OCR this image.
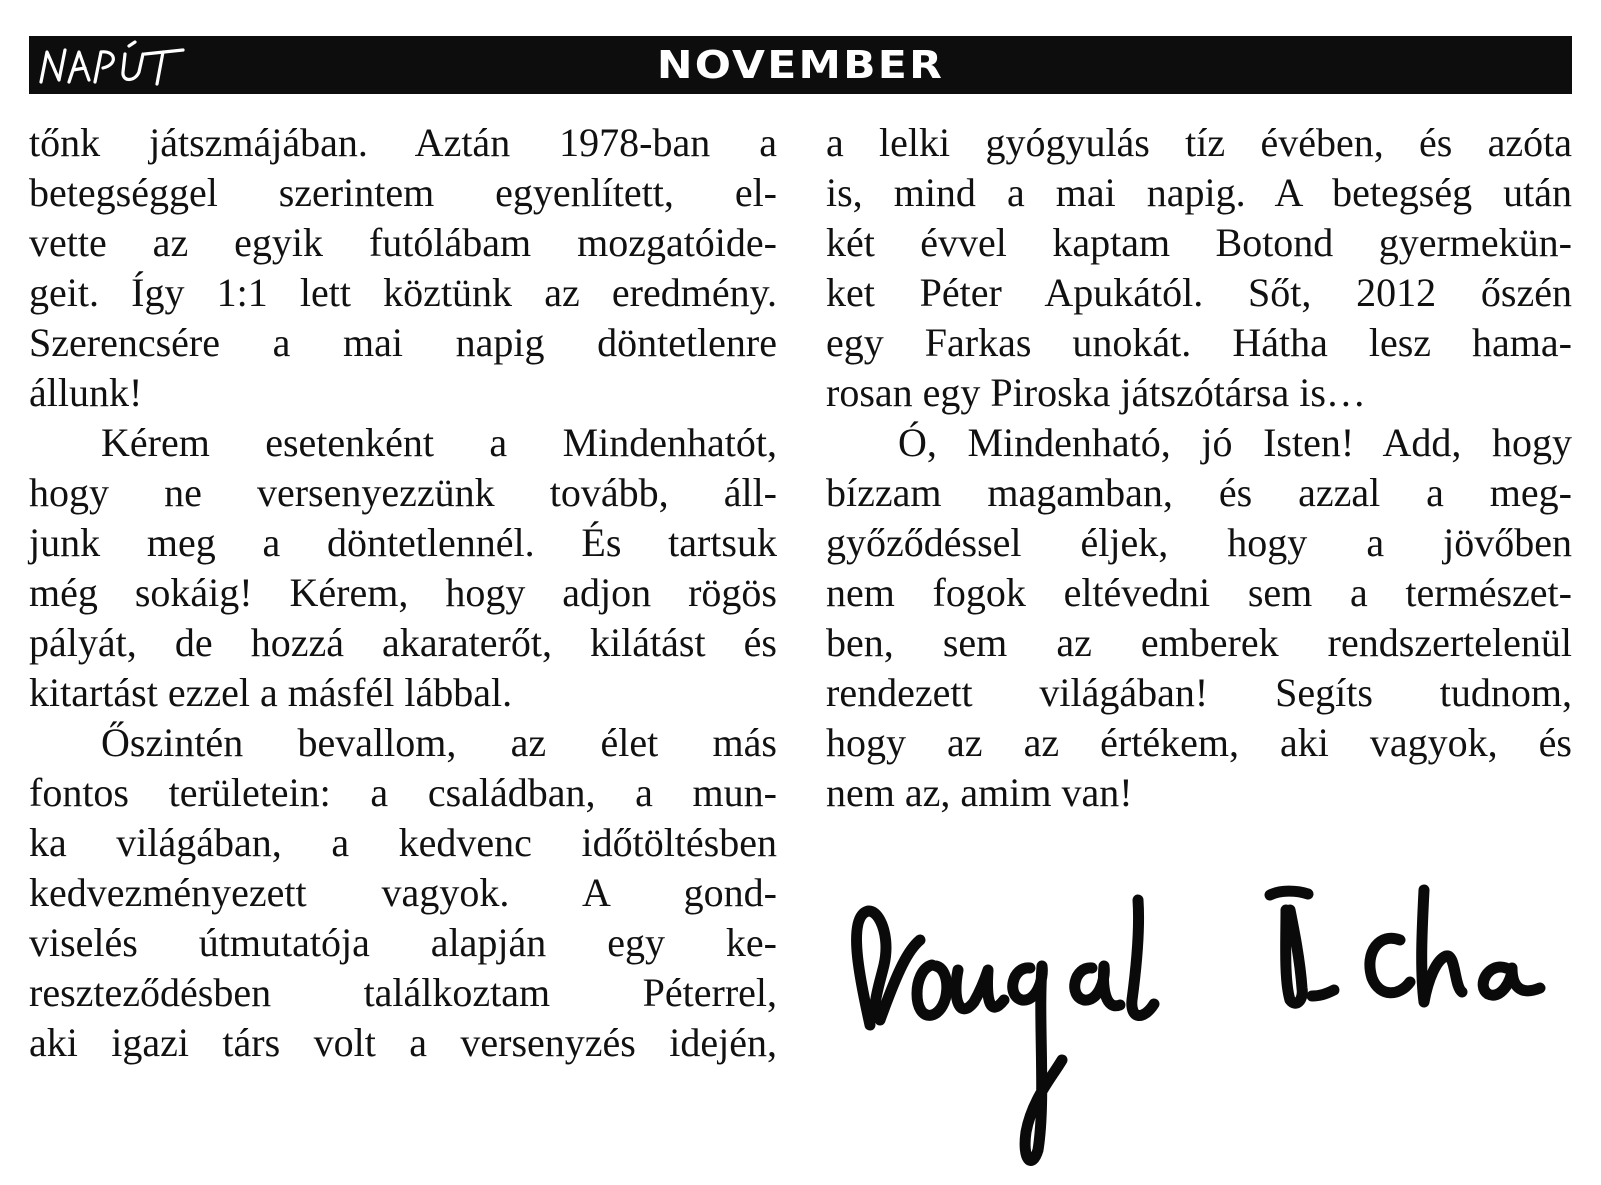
NOVEMBER

tőnk játszmájában. Aztán 1978-ban a
betegséggel szerintem egyenlített, el-
vette az egyik futólábam mozgatóide-
geit. Így 1:1 lett köztünk az eredmény.
Szerencsére a mai napig döntetlenre
állunk!

Kérem esetenként a Mindenhatót,
hogy ne versenyezzünk tovább, áll-
junk meg a döntetlennél. És tartsuk
még sokáig! Kérem, hogy adjon rögös
pályát, de hozzá akaraterőt, kilátást és
kitartást ezzel a másfél lábbal.

Őszintén bevallom, az élet más
fontos területein: a családban, a mun-
ka világában, a kedvenc időtöltésben
kedvezményezett vagyok. A gond-
viselés útmutatója alapján egy ke-
reszteződésben találkoztam Péterrel,
aki igazi társ volt a versenyzés idején,

a lelki gyógyulás tíz évében, és azóta
is, mind a mai napig. A betegség után
két évvel kaptam Botond gyermekün-
ket Péter Apukától. Sőt, 2012 őszén
egy Farkas unokát. Hátha lesz hama-
rosan egy Piroska játszótársa is…

Ó, Mindenható, jó Isten! Add, hogy
bízzam magamban, és azzal a meg-
győződéssel éljek, hogy a jövőben
nem fogok eltévedni sem a természet-
ben, sem az emberek rendszertelenül
rendezett világában! Segíts tudnom,
hogy az az értékem, aki vagyok, és
nem az, amim van!
